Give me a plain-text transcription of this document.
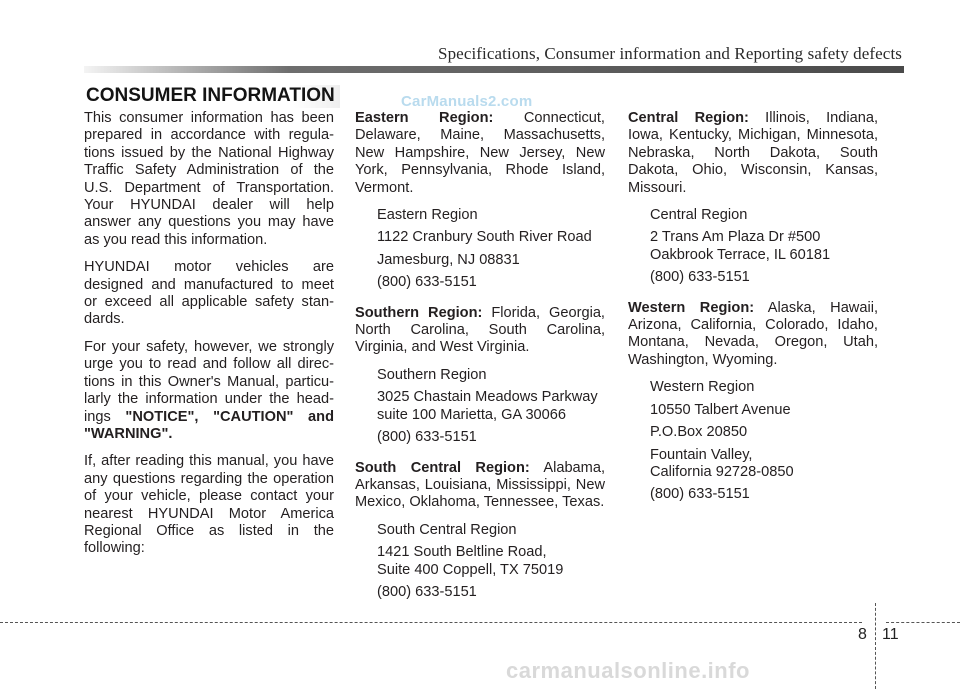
Specifications, Consumer information and Reporting safety defects
CONSUMER INFORMATION	CarManuals2.com

This consumer information has been prepared in accordance with regula-tions issued by the National Highway Traffic Safety Administration of the U.S. Department of Transportation. Your HYUNDAI dealer will help answer any questions you may have as you read this information.

HYUNDAI motor vehicles are designed and manufactured to meet or exceed all applicable safety stan-dards.

For your safety, however, we strongly urge you to read and follow all direc-tions in this Owner's Manual, particu-larly the information under the head-ings "NOTICE", "CAUTION" and "WARNING".

If, after reading this manual, you have any questions regarding the operation of your vehicle, please contact your nearest HYUNDAI Motor America Regional Office as listed in the following:

Eastern Region: Connecticut, Delaware, Maine, Massachusetts, New Hampshire, New Jersey, New York, Pennsylvania, Rhode Island, Vermont.

Eastern Region
1122 Cranbury South River Road
Jamesburg, NJ 08831
(800) 633-5151

Southern Region: Florida, Georgia, North Carolina, South Carolina, Virginia, and West Virginia.

Southern Region
3025 Chastain Meadows Parkway
suite 100 Marietta, GA 30066
(800) 633-5151

South Central Region: Alabama, Arkansas, Louisiana, Mississippi, New Mexico, Oklahoma, Tennessee, Texas.

South Central Region
1421 South Beltline Road,
Suite 400 Coppell, TX 75019
(800) 633-5151

Central Region: Illinois, Indiana, Iowa, Kentucky, Michigan, Minnesota, Nebraska, North Dakota, South Dakota, Ohio, Wisconsin, Kansas, Missouri.

Central Region
2 Trans Am Plaza Dr #500
Oakbrook Terrace, IL 60181
(800) 633-5151

Western Region: Alaska, Hawaii, Arizona, California, Colorado, Idaho, Montana, Nevada, Oregon, Utah, Washington, Wyoming.

Western Region
10550 Talbert Avenue
P.O.Box 20850
Fountain Valley,
California 92728-0850
(800) 633-5151
8 11
carmanualsonline.info
